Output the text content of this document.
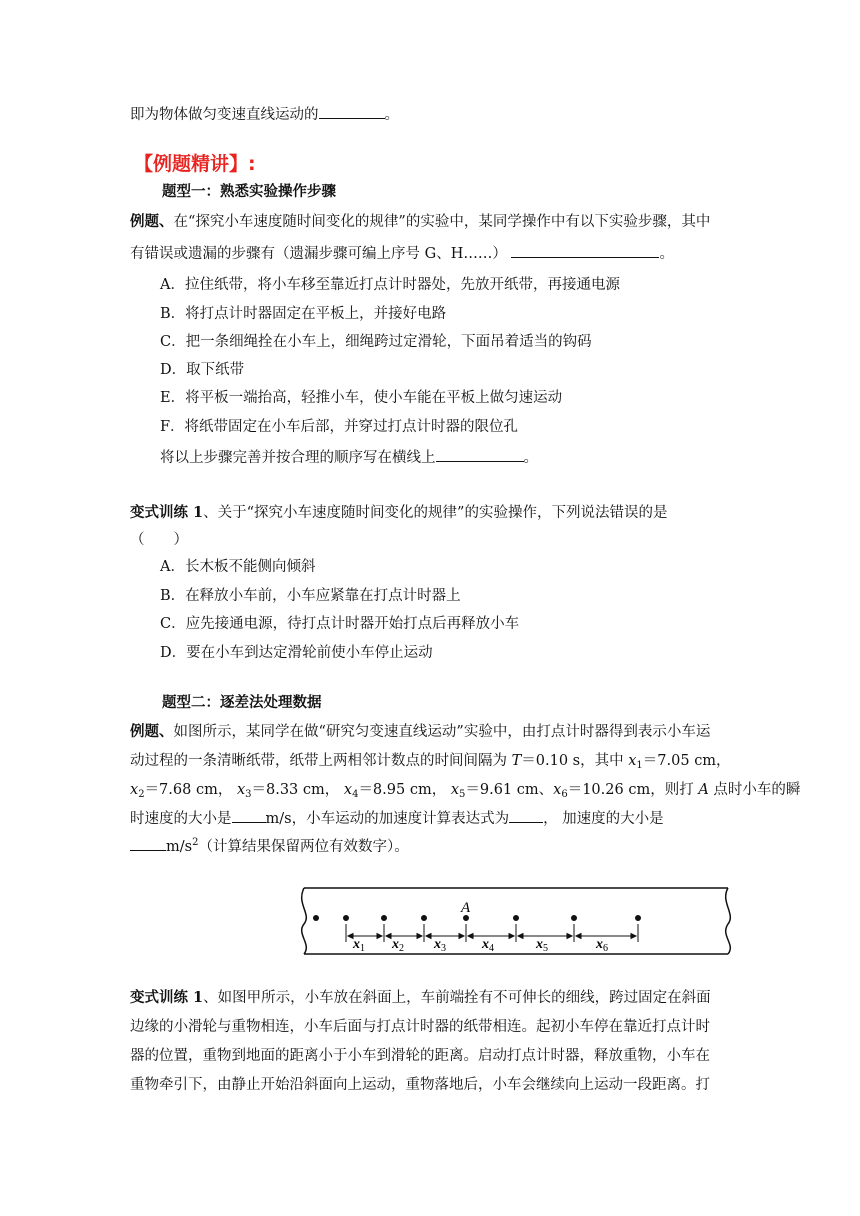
即为物体做匀变速直线运动的	。
【例题精讲】:
题型一：熟悉实验操作步骤
例题、在“探究小车速度随时间变化的规律”的实验中，某同学操作中有以下实验步骤，其中
有错误或遗漏的步骤有（遗漏步骤可编上序号 G、H……）	。
A．拉住纸带，将小车移至靠近打点计时器处，先放开纸带，再接通电源
B．将打点计时器固定在平板上，并接好电路
C．把一条细绳拴在小车上，细绳跨过定滑轮，下面吊着适当的钩码
D．取下纸带
E．将平板一端抬高，轻推小车，使小车能在平板上做匀速运动
F．将纸带固定在小车后部，并穿过打点计时器的限位孔
将以上步骤完善并按合理的顺序写在横线上	。
变式训练 1、关于“探究小车速度随时间变化的规律”的实验操作，下列说法错误的是
（　　）
A．长木板不能侧向倾斜
B．在释放小车前，小车应紧靠在打点计时器上
C．应先接通电源，待打点计时器开始打点后再释放小车
D．要在小车到达定滑轮前使小车停止运动
题型二：逐差法处理数据
例题、如图所示，某同学在做“研究匀变速直线运动”实验中，由打点计时器得到表示小车运
动过程的一条清晰纸带，纸带上两相邻计数点的时间间隔为 T＝0.10 s，其中 $x_1=7.05$ cm，
$x_2=7.68$ cm， $x_3=8.33$ cm， $x_4=8.95$ cm， $x_5=9.61$ cm、$x_6=10.26$ cm，则打 A 点时小车的瞬
时速度的大小是 m/s，小车运动的加速度计算表达式为 ， 加速度的大小是
$m/s^2$（计算结果保留两位有效数字）。
A
$x_1$ $x_2$ $x_3$	$x_4$	$x_5$	$x_6$
变式训练 1、如图甲所示，小车放在斜面上，车前端拴有不可伸长的细线，跨过固定在斜面
边缘的小滑轮与重物相连，小车后面与打点计时器的纸带相连。起初小车停在靠近打点计时
器的位置，重物到地面的距离小于小车到滑轮的距离。启动打点计时器，释放重物，小车在
重物牵引下，由静止开始沿斜面向上运动，重物落地后，小车会继续向上运动一段距离。打
